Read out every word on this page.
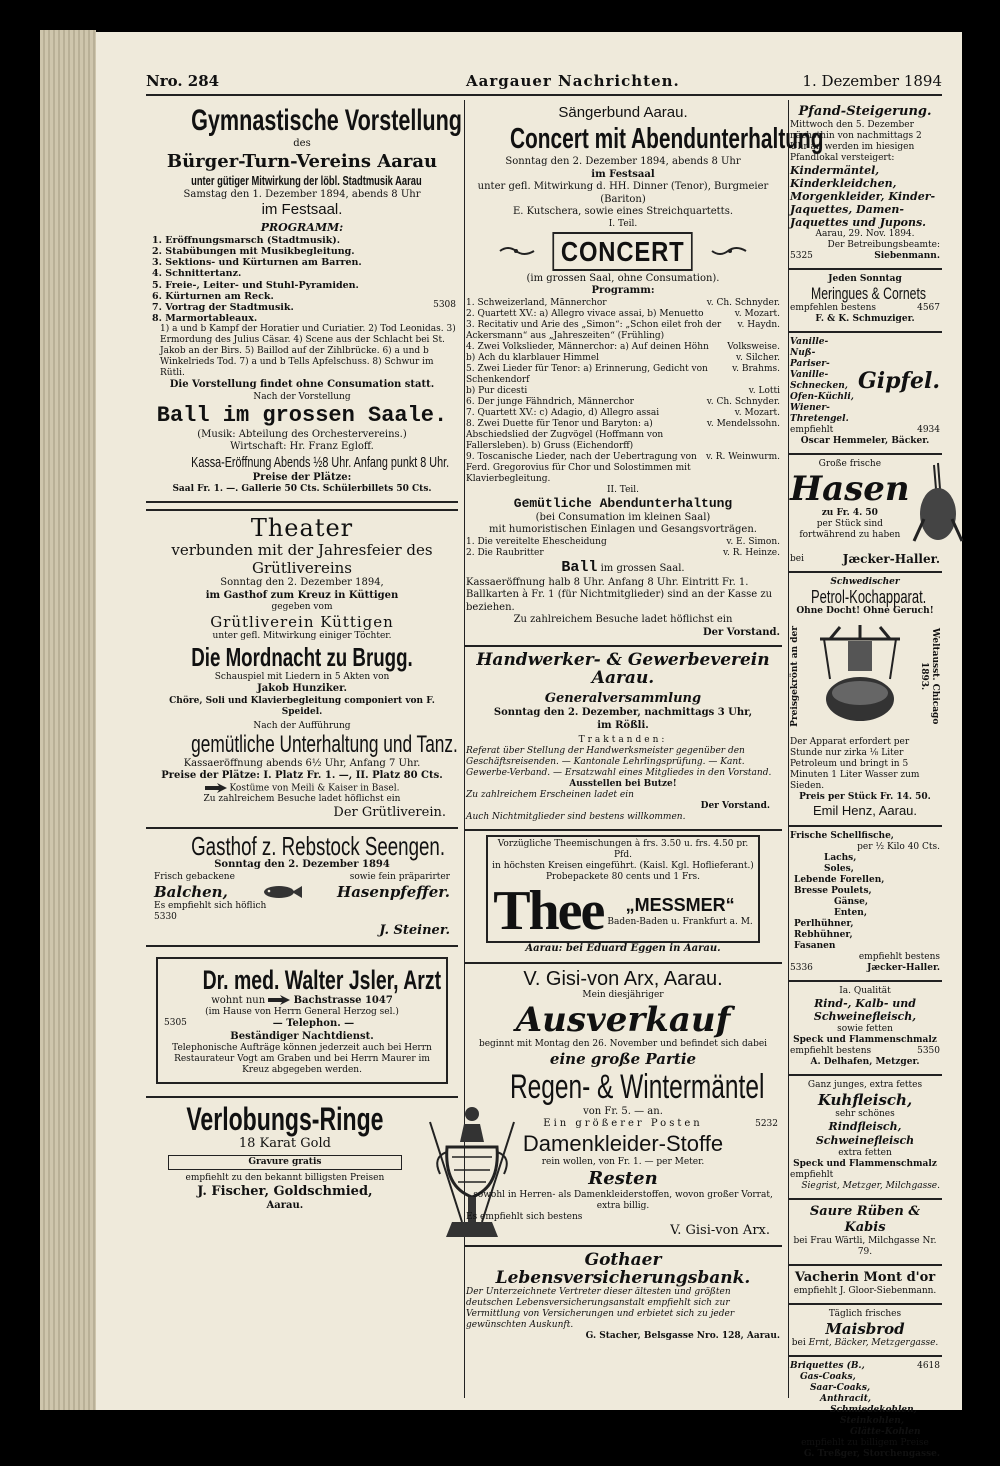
Nro. 284	Aargauer Nachrichten.	1. Dezember 1894
Gymnastische Vorstellung
des
Bürger-Turn-Vereins Aarau
unter gütiger Mitwirkung der löbl. Stadtmusik Aarau
Samstag den 1. Dezember 1894, abends 8 Uhr
im Festsaal.
PROGRAMM:
5308
1. Eröffnungsmarsch (Stadtmusik).
2. Stabübungen mit Musikbegleitung.
3. Sektions- und Kürturnen am Barren.
4. Schnittertanz.
5. Freie-, Leiter- und Stuhl-Pyramiden.
6. Kürturnen am Reck.
7. Vortrag der Stadtmusik.
8. Marmortableaux.
1) a und b Kampf der Horatier und Curiatier. 2) Tod Leonidas. 3) Ermordung des Julius Cäsar. 4) Scene aus der Schlacht bei St. Jakob an der Birs. 5) Baillod auf der Zihlbrücke. 6) a und b Winkelrieds Tod. 7) a und b Tells Apfelschuss. 8) Schwur im Rütli.
Die Vorstellung findet ohne Consumation statt.
Nach der Vorstellung
Ball im grossen Saale.
(Musik: Abteilung des Orchestervereins.)
Wirtschaft: Hr. Franz Egloff.
Kassa-Eröffnung Abends ½8 Uhr. Anfang punkt 8 Uhr.
Preise der Plätze:
Saal Fr. 1. —. Gallerie 50 Cts. Schülerbillets 50 Cts.
Theater
verbunden mit der Jahresfeier des Grütlivereins
Sonntag den 2. Dezember 1894,
im Gasthof zum Kreuz in Küttigen
gegeben vom
Grütliverein Küttigen
unter gefl. Mitwirkung einiger Töchter.
Die Mordnacht zu Brugg.
Schauspiel mit Liedern in 5 Akten von
Jakob Hunziker.
Chöre, Soli und Klavierbegleitung componiert von F. Speidel.
Nach der Aufführung
gemütliche Unterhaltung und Tanz.
Kassaeröffnung abends 6½ Uhr, Anfang 7 Uhr.
Preise der Plätze: I. Platz Fr. 1. —, II. Platz 80 Cts.
Kostüme von Meili & Kaiser in Basel.
Zu zahlreichem Besuche ladet höflichst ein
Der Grütliverein.
Gasthof z. Rebstock Seengen.
Sonntag den 2. Dezember 1894
Frisch gebackene	sowie fein präparirter
Balchen,	Hasenpfeffer.
Es empfiehlt sich höflich
5330
J. Steiner.
Dr. med. Walter Jsler, Arzt
wohnt nun	Bachstrasse 1047
(im Hause von Herrn General Herzog sel.)
5305	— Telephon. —
Beständiger Nachtdienst.
Telephonische Aufträge können jederzeit auch bei Herrn Restaurateur Vogt am Graben und bei Herrn Maurer im Kreuz abgegeben werden.
Verlobungs-Ringe
18 Karat Gold
Gravure gratis
empfiehlt zu den bekannt billigsten Preisen
J. Fischer, Goldschmied,
Aarau.
Sängerbund Aarau.
Concert mit Abendunterhaltung
Sonntag den 2. Dezember 1894, abends 8 Uhr
im Festsaal
unter gefl. Mitwirkung d. HH. Dinner (Tenor), Burgmeier (Bariton)
E. Kutschera, sowie eines Streichquartetts.
I. Teil.
CONCERT
(im grossen Saal, ohne Consumation).
Programm:
1. Schweizerland, Männerchor	v. Ch. Schnyder.
2. Quartett XV.: a) Allegro vivace assai, b) Menuetto	v. Mozart.
3. Recitativ und Arie des „Simon“: „Schon eilet froh der Ackersmann“ aus „Jahreszeiten“ (Frühling)
v. Haydn.
4. Zwei Volkslieder, Männerchor: a) Auf deinen Höhn	Volksweise.
b) Ach du klarblauer Himmel	v. Silcher.
5. Zwei Lieder für Tenor: a) Erinnerung, Gedicht von Schenkendorf
v. Brahms.
b) Pur dicesti	v. Lotti
6. Der junge Fähndrich, Männerchor	v. Ch. Schnyder.
7. Quartett XV.: c) Adagio, d) Allegro assai	v. Mozart.
8. Zwei Duette für Tenor und Baryton: a) Abschiedslied der Zugvögel (Hoffmann von Fallersleben). b) Gruss (Eichendorff)
v. Mendelssohn.
9. Toscanische Lieder, nach der Uebertragung von Ferd. Gregorovius für Chor und Solostimmen mit Klavierbegleitung.
v. R. Weinwurm.
II. Teil.
Gemütliche Abendunterhaltung
(bei Consumation im kleinen Saal)
mit humoristischen Einlagen und Gesangsvorträgen.
1. Die vereitelte Ehescheidung	v. E. Simon.
2. Die Raubritter	v. R. Heinze.
Ball im grossen Saal.
Kassaeröffnung halb 8 Uhr. Anfang 8 Uhr. Eintritt Fr. 1. Ballkarten à Fr. 1 (für Nichtmitglieder) sind an der Kasse zu beziehen.
Zu zahlreichem Besuche ladet höflichst ein
Der Vorstand.
Handwerker- & Gewerbeverein Aarau.
Generalversammlung
Sonntag den 2. Dezember, nachmittags 3 Uhr,
im Rößli.
Traktanden:
Referat über Stellung der Handwerksmeister gegenüber den Geschäftsreisenden. — Kantonale Lehrlingsprüfung. — Kant. Gewerbe-Verband. — Ersatzwahl eines Mitgliedes in den Vorstand.
Ausstellen bei Butze!
Zu zahlreichem Erscheinen ladet ein
Der Vorstand.
Auch Nichtmitglieder sind bestens willkommen.
Vorzügliche Theemischungen à frs. 3.50 u. frs. 4.50 pr. Pfd.
in höchsten Kreisen eingeführt. (Kaisl. Kgl. Hoflieferant.)
Probepackete 80 cents und 1 Frs.
Thee	„MESSMER“
Baden-Baden u. Frankfurt a. M.
Aarau: bei Eduard Eggen in Aarau.
V. Gisi-von Arx, Aarau.
Mein diesjähriger
Ausverkauf
beginnt mit Montag den 26. November und befindet sich dabei
eine große Partie
Regen- & Wintermäntel
von Fr. 5. — an.
Ein größerer Posten	5232
Damenkleider-Stoffe
rein wollen, von Fr. 1. — per Meter.
Resten
sowohl in Herren- als Damenkleiderstoffen, wovon großer Vorrat, extra billig.
Es empfiehlt sich bestens
V. Gisi-von Arx.
Gothaer Lebensversicherungsbank.
Der Unterzeichnete Vertreter dieser ältesten und größten deutschen Lebensversicherungsanstalt empfiehlt sich zur Vermittlung von Versicherungen und erbietet sich zu jeder gewünschten Auskunft.
G. Stacher, Belsgasse Nro. 128, Aarau.
Pfand-Steigerung.
Mittwoch den 5. Dezember nächsthin von nachmittags 2 Uhr an werden im hiesigen Pfandlokal versteigert:
Kindermäntel, Kinderkleidchen, Morgenkleider, Kinder-Jaquettes, Damen-Jaquettes und Jupons.
Aarau, 29. Nov. 1894.
Der Betreibungsbeamte:
5325	Siebenmann.
Jeden Sonntag
Meringues & Cornets
empfehlen bestens	4567
F. & K. Schmuziger.
Vanille-
Nuß-
Pariser-
Vanille-Schnecken,
Ofen-Küchli,
Wiener-Thretengel.
Gipfel.
empfiehlt	4934
Oscar Hemmeler, Bäcker.
Große frische
Hasen
zu Fr. 4. 50
per Stück sind fortwährend zu haben
bei	Jæcker-Haller.
Schwedischer
Petrol-Kochapparat.
Ohne Docht! Ohne Geruch!
Preisgekrönt an der	Weltausst. Chicago 1893.
Der Apparat erfordert per Stunde nur zirka ⅛ Liter Petroleum und bringt in 5 Minuten 1 Liter Wasser zum Sieden.
Preis per Stück Fr. 14. 50.
Emil Henz, Aarau.
Frische Schellfische,
per ½ Kilo 40 Cts.
Lachs,
Soles,
Lebende Forellen,
Bresse Poulets,
Gänse,
Enten,
Perlhühner,
Rebhühner,
Fasanen
empfiehlt bestens
5336	Jæcker-Haller.
Ia. Qualität
Rind-, Kalb- und Schweinefleisch,
sowie fetten
Speck und Flammenschmalz
empfiehlt bestens	5350
A. Delhafen, Metzger.
Ganz junges, extra fettes
Kuhfleisch,
sehr schönes
Rindfleisch, Schweinefleisch
extra fetten
Speck und Flammenschmalz
empfiehlt
Siegrist, Metzger, Milchgasse.
Saure Rüben & Kabis
bei Frau Wärtli, Milchgasse Nr. 79.
Vacherin Mont d'or
empfiehlt J. Gloor-Siebenmann.
Täglich frisches
Maisbrod
bei Ernt, Bäcker, Metzgergasse.
Briquettes (B.,	4618
Gas-Coaks,
Saar-Coaks,
Anthracit,
Schmiedekohlen,
Steinkohlen,
Glätte-Kohlen
empfiehlt zu billigem Preise
G. Treßger, Storchengasse.
